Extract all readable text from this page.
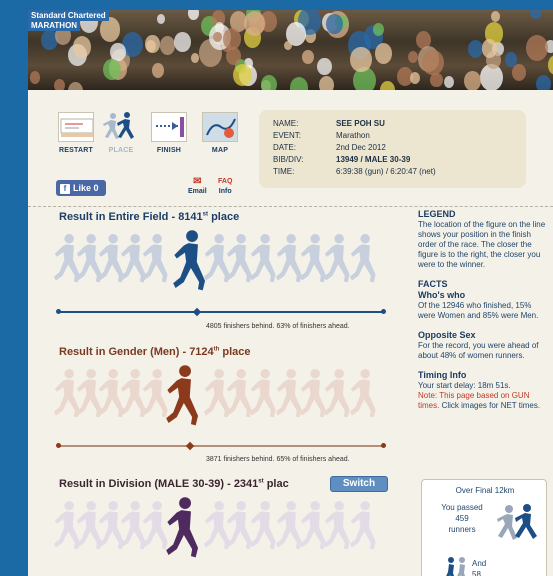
Standard Chartered
MARATHON
RESTART	PLACE	FINISH	MAP
f Like 0
✉
Email
FAQ
Info
NAME:	SEE POH SU
EVENT:	Marathon
DATE:	2nd Dec 2012
BIB/DIV:	13949 / MALE 30-39
TIME:	6:39:38 (gun) / 6:20:47 (net)
Result in Entire Field - 8141st place
4805 finishers behind. 63% of finishers ahead.
Result in Gender (Men) - 7124th place
3871 finishers behind. 65% of finishers ahead.
Result in Division (MALE 30-39) - 2341st plac	Switch
LEGEND
The location of the figure on the line shows your position in the finish order of the race. The closer the figure is to the right, the closer you were to the winner.
FACTS
Who's who
Of the 12946 who finished, 15% were Women and 85% were Men.
Opposite Sex
For the record, you were ahead of about 48% of women runners.
Timing Info
Your start delay: 18m 51s.
Note: This page based on GUN times. Click images for NET times.
Over Final 12km
You passed
459
runners
And
58
